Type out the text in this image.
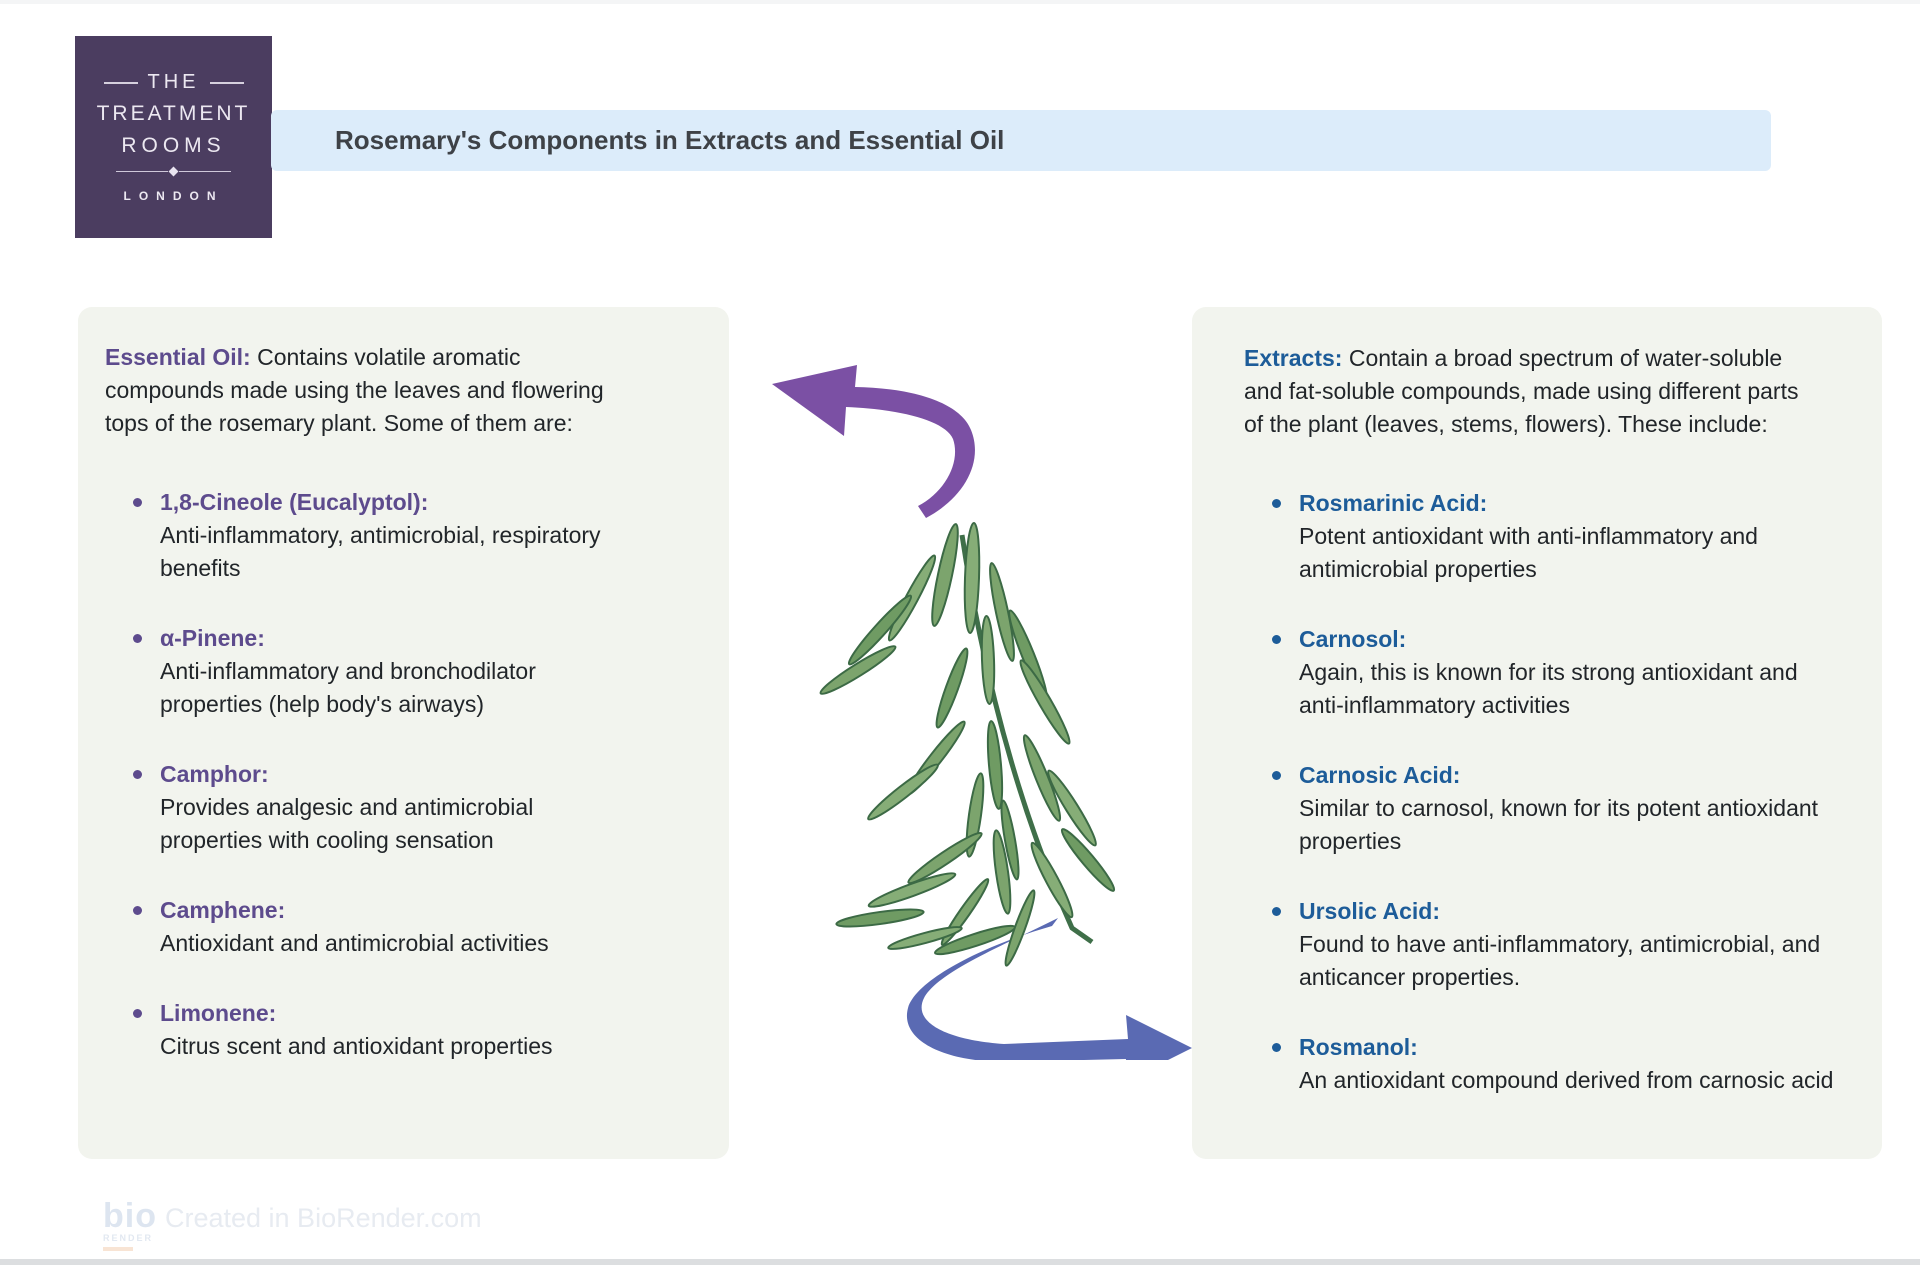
THE
TREATMENT
ROOMS
LONDON
Rosemary's Components in Extracts and Essential Oil

Essential Oil: Contains volatile aromatic compounds made using the leaves and flowering tops of the rosemary plant. Some of them are:

1,8-Cineole (Eucalyptol):
Anti-inflammatory, antimicrobial, respiratory benefits
α-Pinene:
Anti-inflammatory and bronchodilator properties (help body's airways)
Camphor:
Provides analgesic and antimicrobial properties with cooling sensation
Camphene:
Antioxidant and antimicrobial activities
Limonene:
Citrus scent and antioxidant properties

Extracts: Contain a broad spectrum of water-soluble and fat-soluble compounds, made using different parts of the plant (leaves, stems, flowers). These include:

Rosmarinic Acid:
Potent antioxidant with anti-inflammatory and antimicrobial properties
Carnosol:
Again, this is known for its strong antioxidant and anti-inflammatory activities
Carnosic Acid:
Similar to carnosol, known for its potent antioxidant properties
Ursolic Acid:
Found to have anti-inflammatory, antimicrobial, and anticancer properties.
Rosmanol:
An antioxidant compound derived from carnosic acid
bio
RENDER
Created in BioRender.com
